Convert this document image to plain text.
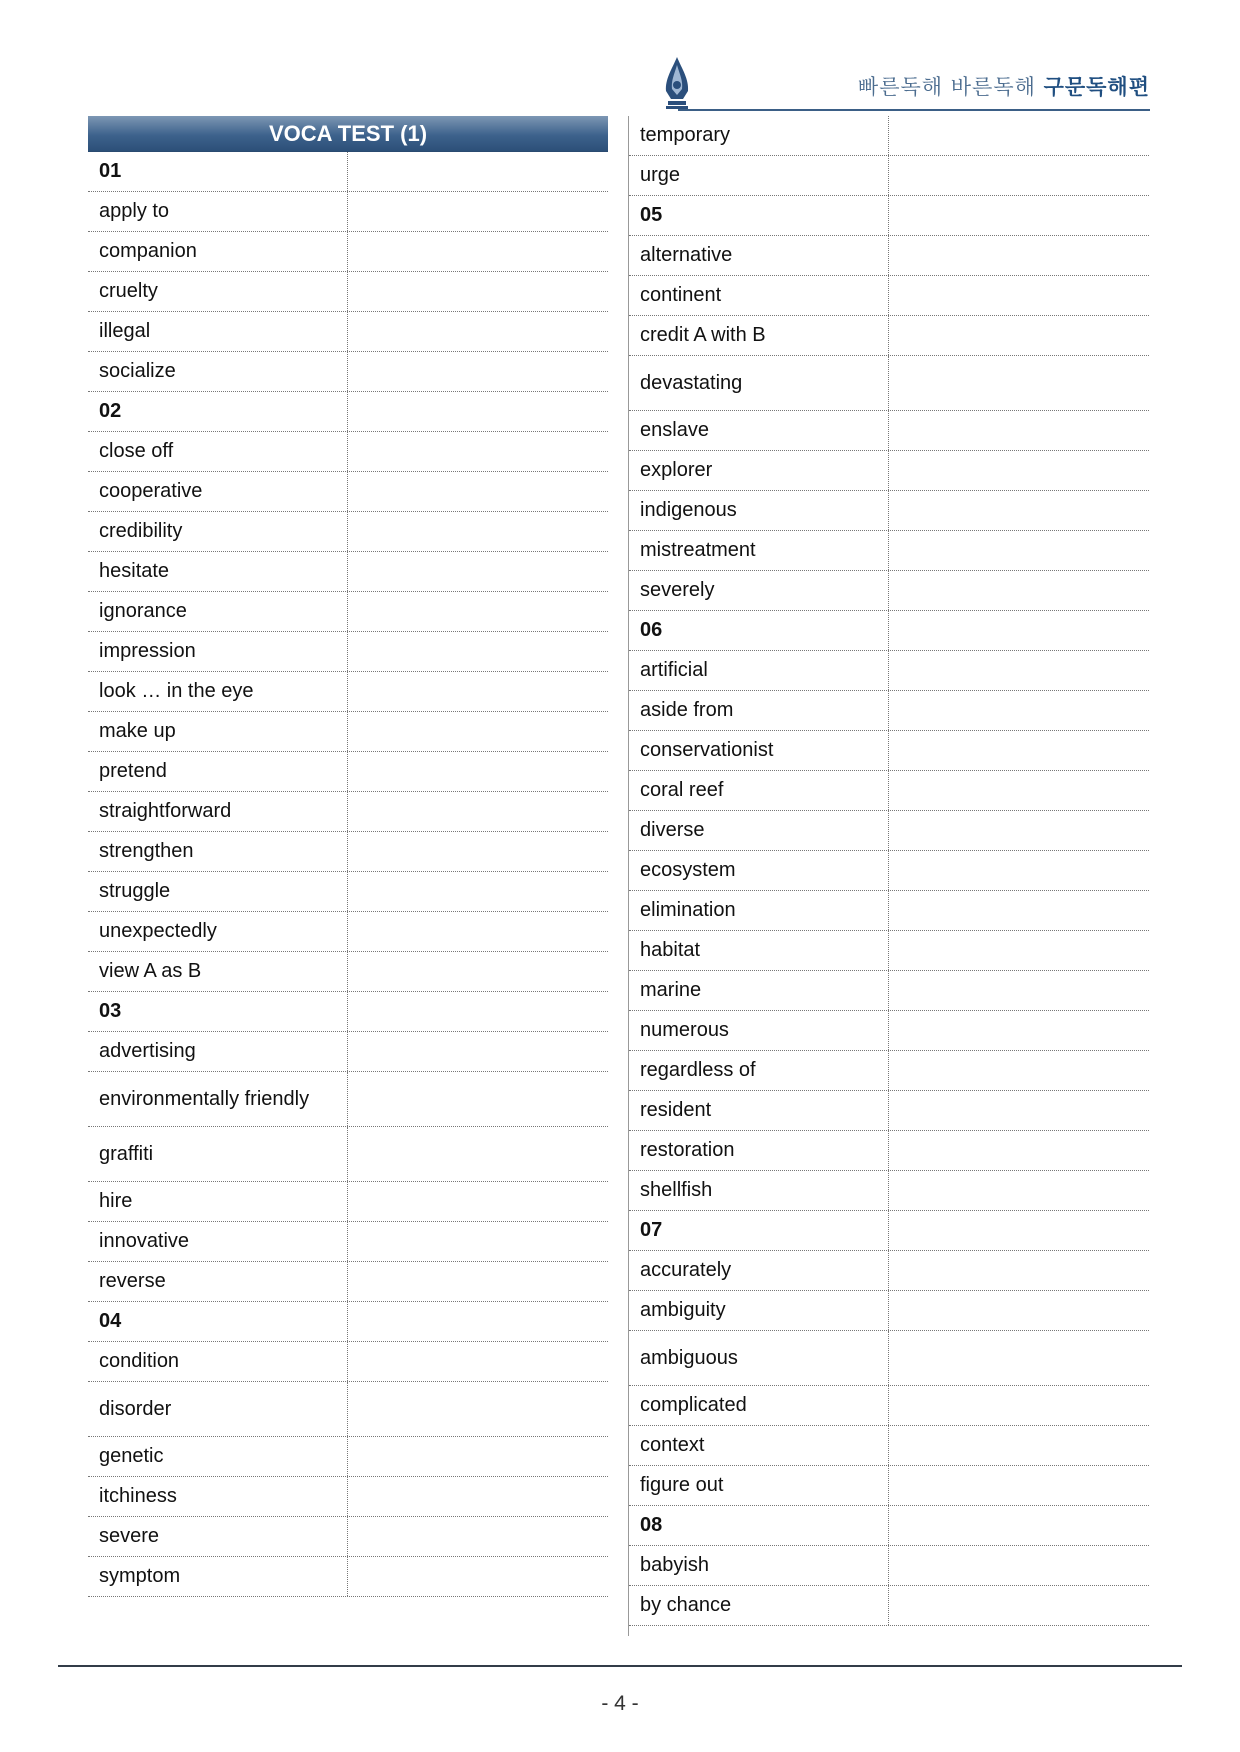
빠른독해 바른독해 구문독해편
VOCA TEST (1)
01
apply to
companion
cruelty
illegal
socialize
02
close off
cooperative
credibility
hesitate
ignorance
impression
look … in the eye
make up
pretend
straightforward
strengthen
struggle
unexpectedly
view A as B
03
advertising
environmentally friendly
graffiti
hire
innovative
reverse
04
condition
disorder
genetic
itchiness
severe
symptom
temporary
urge
05
alternative
continent
credit A with B
devastating
enslave
explorer
indigenous
mistreatment
severely
06
artificial
aside from
conservationist
coral reef
diverse
ecosystem
elimination
habitat
marine
numerous
regardless of
resident
restoration
shellfish
07
accurately
ambiguity
ambiguous
complicated
context
figure out
08
babyish
by chance
- 4 -
